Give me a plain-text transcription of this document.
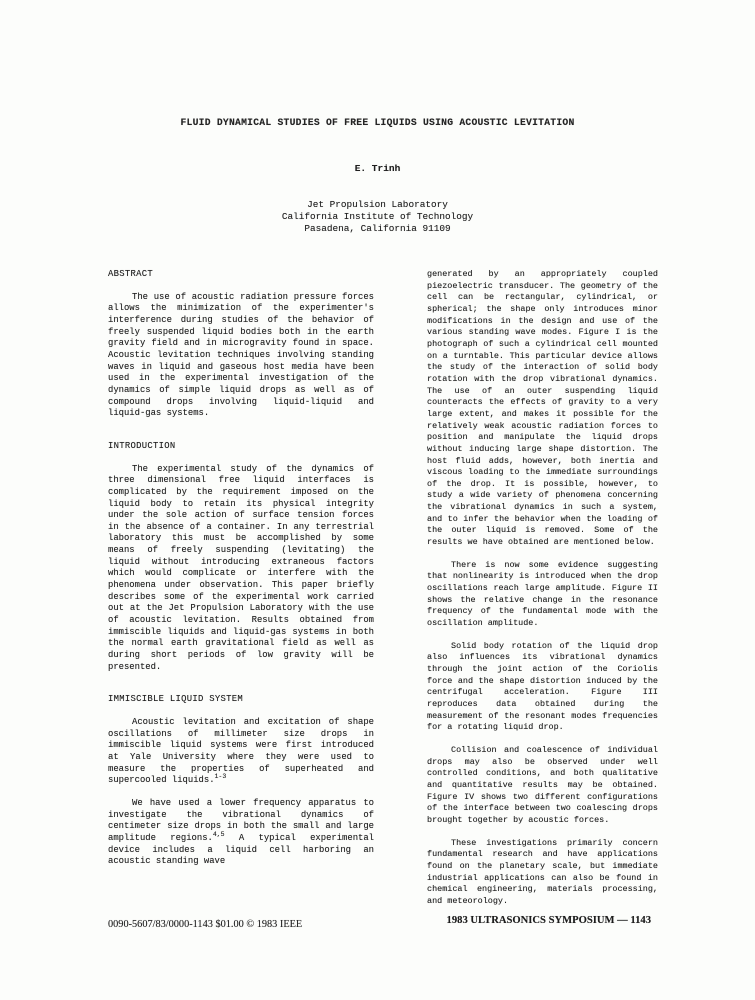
FLUID DYNAMICAL STUDIES OF FREE LIQUIDS USING ACOUSTIC LEVITATION
E. Trinh
Jet Propulsion Laboratory
California Institute of Technology
Pasadena, California 91109
ABSTRACT

The use of acoustic radiation pressure forces allows the minimization of the experimenter's interference during studies of the behavior of freely suspended liquid bodies both in the earth gravity field and in microgravity found in space. Acoustic levitation techniques involving standing waves in liquid and gaseous host media have been used in the experimental investigation of the dynamics of simple liquid drops as well as of compound drops involving liquid-liquid and liquid-gas systems.

INTRODUCTION

The experimental study of the dynamics of three dimensional free liquid interfaces is complicated by the requirement imposed on the liquid body to retain its physical integrity under the sole action of surface tension forces in the absence of a container. In any terrestrial laboratory this must be accomplished by some means of freely suspending (levitating) the liquid without introducing extraneous factors which would complicate or interfere with the phenomena under observation. This paper briefly describes some of the experimental work carried out at the Jet Propulsion Laboratory with the use of acoustic levitation. Results obtained from immiscible liquids and liquid-gas systems in both the normal earth gravitational field as well as during short periods of low gravity will be presented.

IMMISCIBLE LIQUID SYSTEM

Acoustic levitation and excitation of shape oscillations of millimeter size drops in immiscible liquid systems were first introduced at Yale University where they were used to measure the properties of superheated and supercooled liquids.$^{1-3}$

We have used a lower frequency apparatus to investigate the vibrational dynamics of centimeter size drops in both the small and large amplitude regions.$^{4,5}$ A typical experimental device includes a liquid cell harboring an acoustic standing wave

generated by an appropriately coupled piezoelectric transducer. The geometry of the cell can be rectangular, cylindrical, or spherical; the shape only introduces minor modifications in the design and use of the various standing wave modes. Figure I is the photograph of such a cylindrical cell mounted on a turntable. This particular device allows the study of the interaction of solid body rotation with the drop vibrational dynamics. The use of an outer suspending liquid counteracts the effects of gravity to a very large extent, and makes it possible for the relatively weak acoustic radiation forces to position and manipulate the liquid drops without inducing large shape distortion. The host fluid adds, however, both inertia and viscous loading to the immediate surroundings of the drop. It is possible, however, to study a wide variety of phenomena concerning the vibrational dynamics in such a system, and to infer the behavior when the loading of the outer liquid is removed. Some of the results we have obtained are mentioned below.

There is now some evidence suggesting that nonlinearity is introduced when the drop oscillations reach large amplitude. Figure II shows the relative change in the resonance frequency of the fundamental mode with the oscillation amplitude.

Solid body rotation of the liquid drop also influences its vibrational dynamics through the joint action of the Coriolis force and the shape distortion induced by the centrifugal acceleration. Figure III reproduces data obtained during the measurement of the resonant modes frequencies for a rotating liquid drop.

Collision and coalescence of individual drops may also be observed under well controlled conditions, and both qualitative and quantitative results may be obtained. Figure IV shows two different configurations of the interface between two coalescing drops brought together by acoustic forces.

These investigations primarily concern fundamental research and have applications found on the planetary scale, but immediate industrial applications can also be found in chemical engineering, materials processing, and meteorology.

0090-5607/83/0000-1143 $01.00 © 1983 IEEE	1983 ULTRASONICS SYMPOSIUM — 1143
